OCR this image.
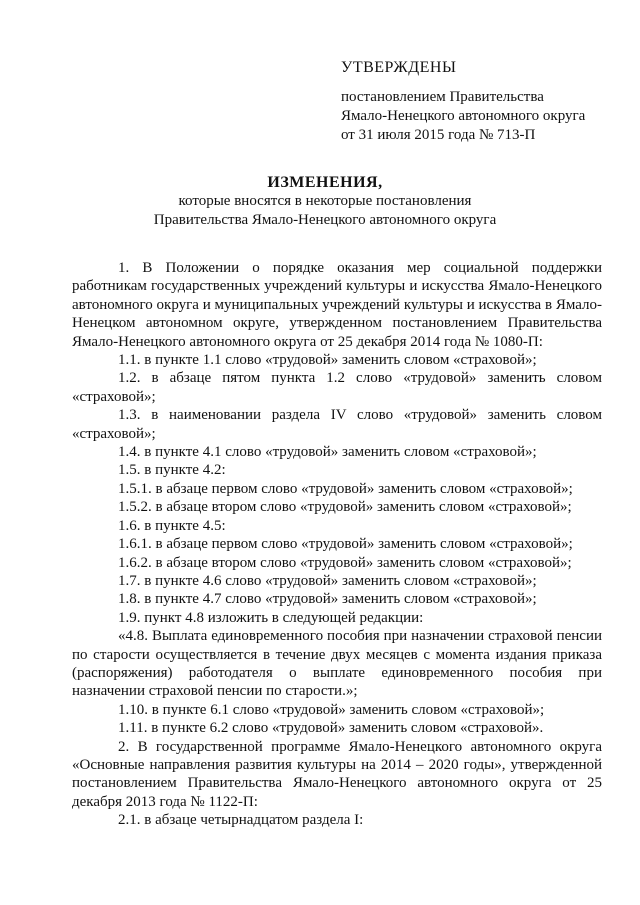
УТВЕРЖДЕНЫ
постановлением Правительства
Ямало-Ненецкого автономного округа
от 31 июля 2015 года № 713-П
ИЗМЕНЕНИЯ,
которые вносятся в некоторые постановления
Правительства Ямало-Ненецкого автономного округа

1. В Положении о порядке оказания мер социальной поддержки работникам государственных учреждений культуры и искусства Ямало-Ненецкого автономного округа и муниципальных учреждений культуры и искусства в Ямало-Ненецком автономном округе, утвержденном постановлением Правительства Ямало-Ненецкого автономного округа от 25 декабря 2014 года № 1080-П:

1.1. в пункте 1.1 слово «трудовой» заменить словом «страховой»;

1.2. в абзаце пятом пункта 1.2 слово «трудовой» заменить словом «страховой»;

1.3. в наименовании раздела IV слово «трудовой» заменить словом «страховой»;

1.4. в пункте 4.1 слово «трудовой» заменить словом «страховой»;

1.5. в пункте 4.2:

1.5.1. в абзаце первом слово «трудовой» заменить словом «страховой»;

1.5.2. в абзаце втором слово «трудовой» заменить словом «страховой»;

1.6. в пункте 4.5:

1.6.1. в абзаце первом слово «трудовой» заменить словом «страховой»;

1.6.2. в абзаце втором слово «трудовой» заменить словом «страховой»;

1.7. в пункте 4.6 слово «трудовой» заменить словом «страховой»;

1.8. в пункте 4.7 слово «трудовой» заменить словом «страховой»;

1.9. пункт 4.8 изложить в следующей редакции:

«4.8. Выплата единовременного пособия при назначении страховой пенсии по старости осуществляется в течение двух месяцев с момента издания приказа (распоряжения) работодателя о выплате единовременного пособия при назначении страховой пенсии по старости.»;

1.10. в пункте 6.1 слово «трудовой» заменить словом «страховой»;

1.11. в пункте 6.2 слово «трудовой» заменить словом «страховой».

2. В государственной программе Ямало-Ненецкого автономного округа «Основные направления развития культуры на 2014 – 2020 годы», утвержденной постановлением Правительства Ямало-Ненецкого автономного округа от 25 декабря 2013 года № 1122-П:

2.1. в абзаце четырнадцатом раздела I:
